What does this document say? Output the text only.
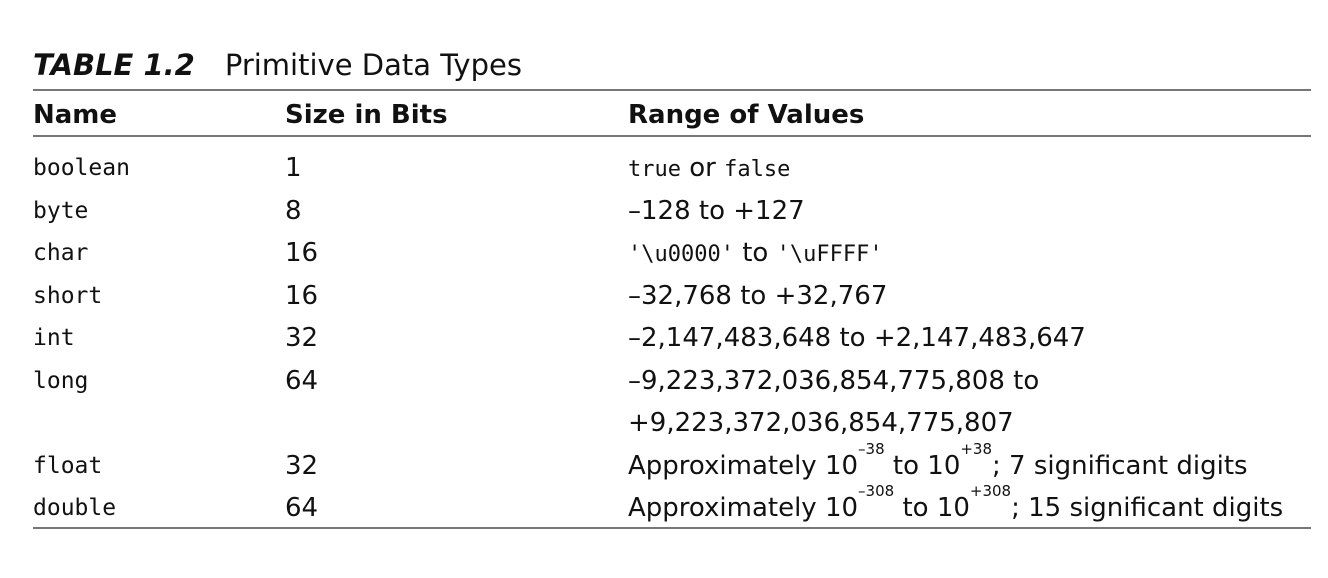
TABLE 1.2 Primitive Data Types
Name	Size in Bits	Range of Values
boolean	1	true or false
byte	8	–128 to +127
char	16	'\u0000' to '\uFFFF'
short	16	–32,768 to +32,767
int	32	–2,147,483,648 to +2,147,483,647
long	64	–9,223,372,036,854,775,808 to
+9,223,372,036,854,775,807
float	32	Approximately $10^{-38}$ to $10^{+38}$; 7 significant digits
double	64	Approximately $10^{-308}$ to $10^{+308}$; 15 significant digits
